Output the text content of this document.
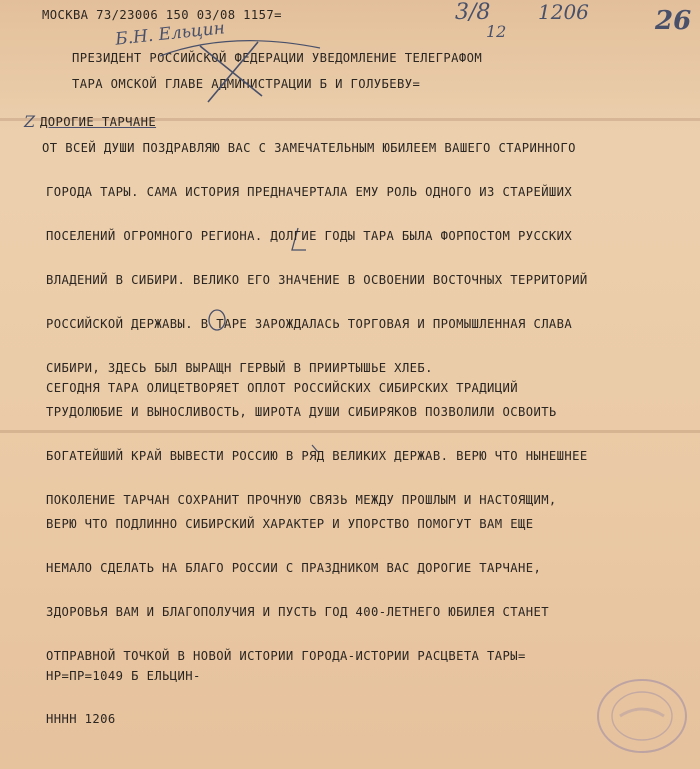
МОСКВА 73/23006 150 03/08 1157=	3/8
12
1206	26
Б.Н. Ельцин
ПРЕЗИДЕНТ РОССИЙСКОЙ ФЕДЕРАЦИИ УВЕДОМЛЕНИЕ ТЕЛЕГРАФОМ
ТАРА ОМСКОЙ ГЛАВЕ АДМИНИСТРАЦИИ Б И ГОЛУБЕВУ=
Z ДОРОГИЕ ТАРЧАНЕ
ОТ ВСЕЙ ДУШИ ПОЗДРАВЛЯЮ ВАС С ЗАМЕЧАТЕЛЬНЫМ ЮБИЛЕЕМ ВАШЕГО СТАРИННОГО
ГОРОДА ТАРЫ. САМА ИСТОРИЯ ПРЕДНАЧЕРТАЛА ЕМУ РОЛЬ ОДНОГО ИЗ СТАРЕЙШИХ
ПОСЕЛЕНИЙ ОГРОМНОГО РЕГИОНА. ДОЛГИЕ ГОДЫ ТАРА БЫЛА ФОРПОСТОМ РУССКИХ
ВЛАДЕНИЙ В СИБИРИ. ВЕЛИКО ЕГО ЗНАЧЕНИЕ В ОСВОЕНИИ ВОСТОЧНЫХ ТЕРРИТОРИЙ
РОССИЙСКОЙ ДЕРЖАВЫ. В ТАРЕ ЗАРОЖДАЛАСЬ ТОРГОВАЯ И ПРОМЫШЛЕННАЯ СЛАВА
СИБИРИ, ЗДЕСЬ БЫЛ ВЫРАЩН ГЕРВЫЙ В ПРИИРТЫШЬЕ ХЛЕБ.
СЕГОДНЯ ТАРА ОЛИЦЕТВОРЯЕТ ОПЛОТ РОССИЙСКИХ СИБИРСКИХ ТРАДИЦИЙ
ТРУДОЛЮБИЕ И ВЫНОСЛИВОСТЬ, ШИРОТА ДУШИ СИБИРЯКОВ ПОЗВОЛИЛИ ОСВОИТЬ
БОГАТЕЙШИЙ КРАЙ ВЫВЕСТИ РОССИЮ В РЯД ВЕЛИКИХ ДЕРЖАВ. ВЕРЮ ЧТО НЫНЕШНЕЕ
ПОКОЛЕНИЕ ТАРЧАН СОХРАНИТ ПРОЧНУЮ СВЯЗЬ МЕЖДУ ПРОШЛЫМ И НАСТОЯЩИМ,
ВЕРЮ ЧТО ПОДЛИННО СИБИРСКИЙ ХАРАКТЕР И УПОРСТВО ПОМОГУТ ВАМ ЕЩЕ
НЕМАЛО СДЕЛАТЬ НА БЛАГО РОССИИ С ПРАЗДНИКОМ ВАС ДОРОГИЕ ТАРЧАНЕ,
ЗДОРОВЬЯ ВАМ И БЛАГОПОЛУЧИЯ И ПУСТЬ ГОД 400-ЛЕТНЕГО ЮБИЛЕЯ СТАНЕТ
ОТПРАВНОЙ ТОЧКОЙ В НОВОЙ ИСТОРИИ ГОРОДА-ИСТОРИИ РАСЦВЕТА ТАРЫ=
НР=ПР=1049 Б ЕЛЬЦИН-
НННН 1206
